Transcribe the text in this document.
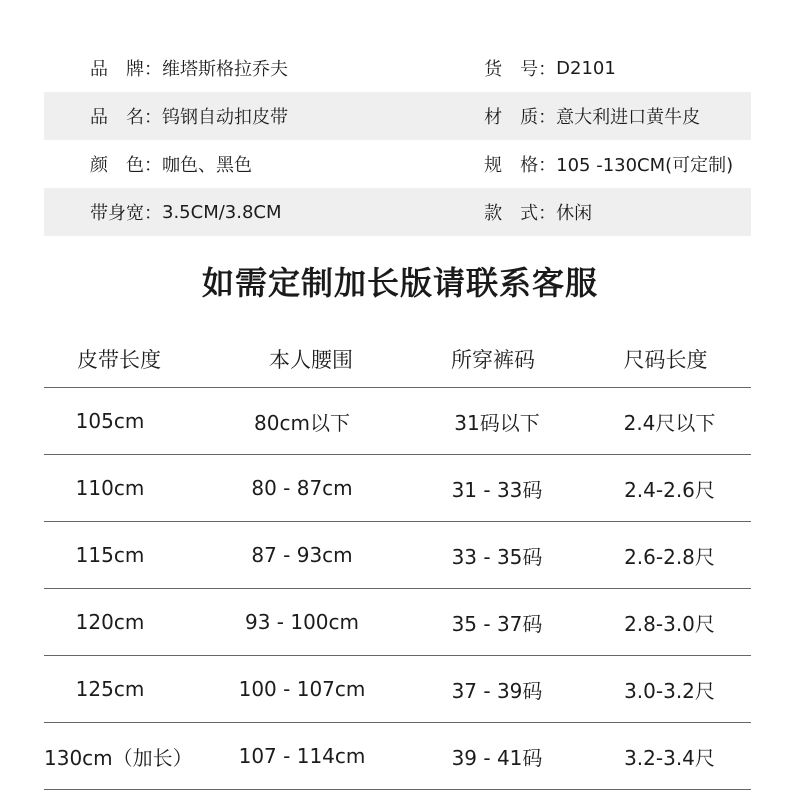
品　牌 ： 维塔斯格拉乔夫	货　号 ： D2101
品　名 ： 钨钢自动扣皮带	材　质 ： 意大利进口黄牛皮
颜　色 ： 咖色、黑色	规　格 ： 105 -130CM(可定制)
带身宽 ： 3.5CM/3.8CM	款　式 ： 休闲
如需定制加长版请联系客服
皮带长度	本人腰围	所穿裤码	尺码长度
105cm	80cm以下	31码以下	2.4尺以下
110cm	80 - 87cm	31 - 33码	2.4-2.6尺
115cm	87 - 93cm	33 - 35码	2.6-2.8尺
120cm	93 - 100cm	35 - 37码	2.8-3.0尺
125cm	100 - 107cm	37 - 39码	3.0-3.2尺
130cm（加长）	107 - 114cm	39 - 41码	3.2-3.4尺
